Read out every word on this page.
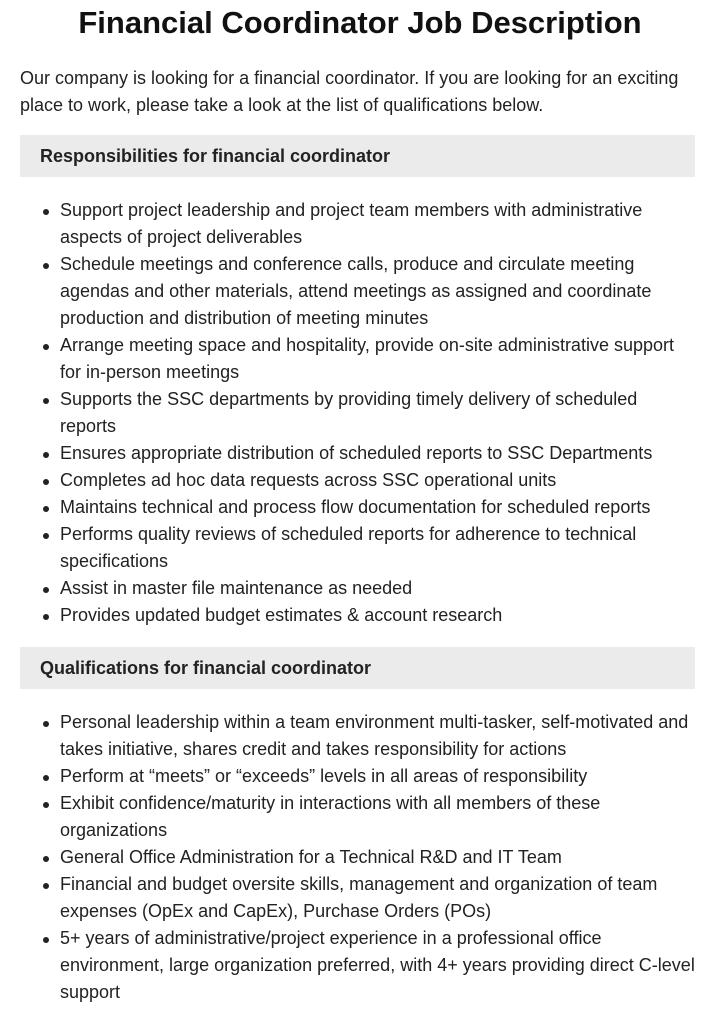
Financial Coordinator Job Description

Our company is looking for a financial coordinator. If you are looking for an exciting place to work, please take a look at the list of qualifications below.

Responsibilities for financial coordinator
Support project leadership and project team members with administrative aspects of project deliverables
Schedule meetings and conference calls, produce and circulate meeting agendas and other materials, attend meetings as assigned and coordinate production and distribution of meeting minutes
Arrange meeting space and hospitality, provide on-site administrative support for in-person meetings
Supports the SSC departments by providing timely delivery of scheduled reports
Ensures appropriate distribution of scheduled reports to SSC Departments
Completes ad hoc data requests across SSC operational units
Maintains technical and process flow documentation for scheduled reports
Performs quality reviews of scheduled reports for adherence to technical specifications
Assist in master file maintenance as needed
Provides updated budget estimates & account research
Qualifications for financial coordinator
Personal leadership within a team environment multi-tasker, self-motivated and takes initiative, shares credit and takes responsibility for actions
Perform at “meets” or “exceeds” levels in all areas of responsibility
Exhibit confidence/maturity in interactions with all members of these organizations
General Office Administration for a Technical R&D and IT Team
Financial and budget oversite skills, management and organization of team expenses (OpEx and CapEx), Purchase Orders (POs)
5+ years of administrative/project experience in a professional office environment, large organization preferred, with 4+ years providing direct C-level support
